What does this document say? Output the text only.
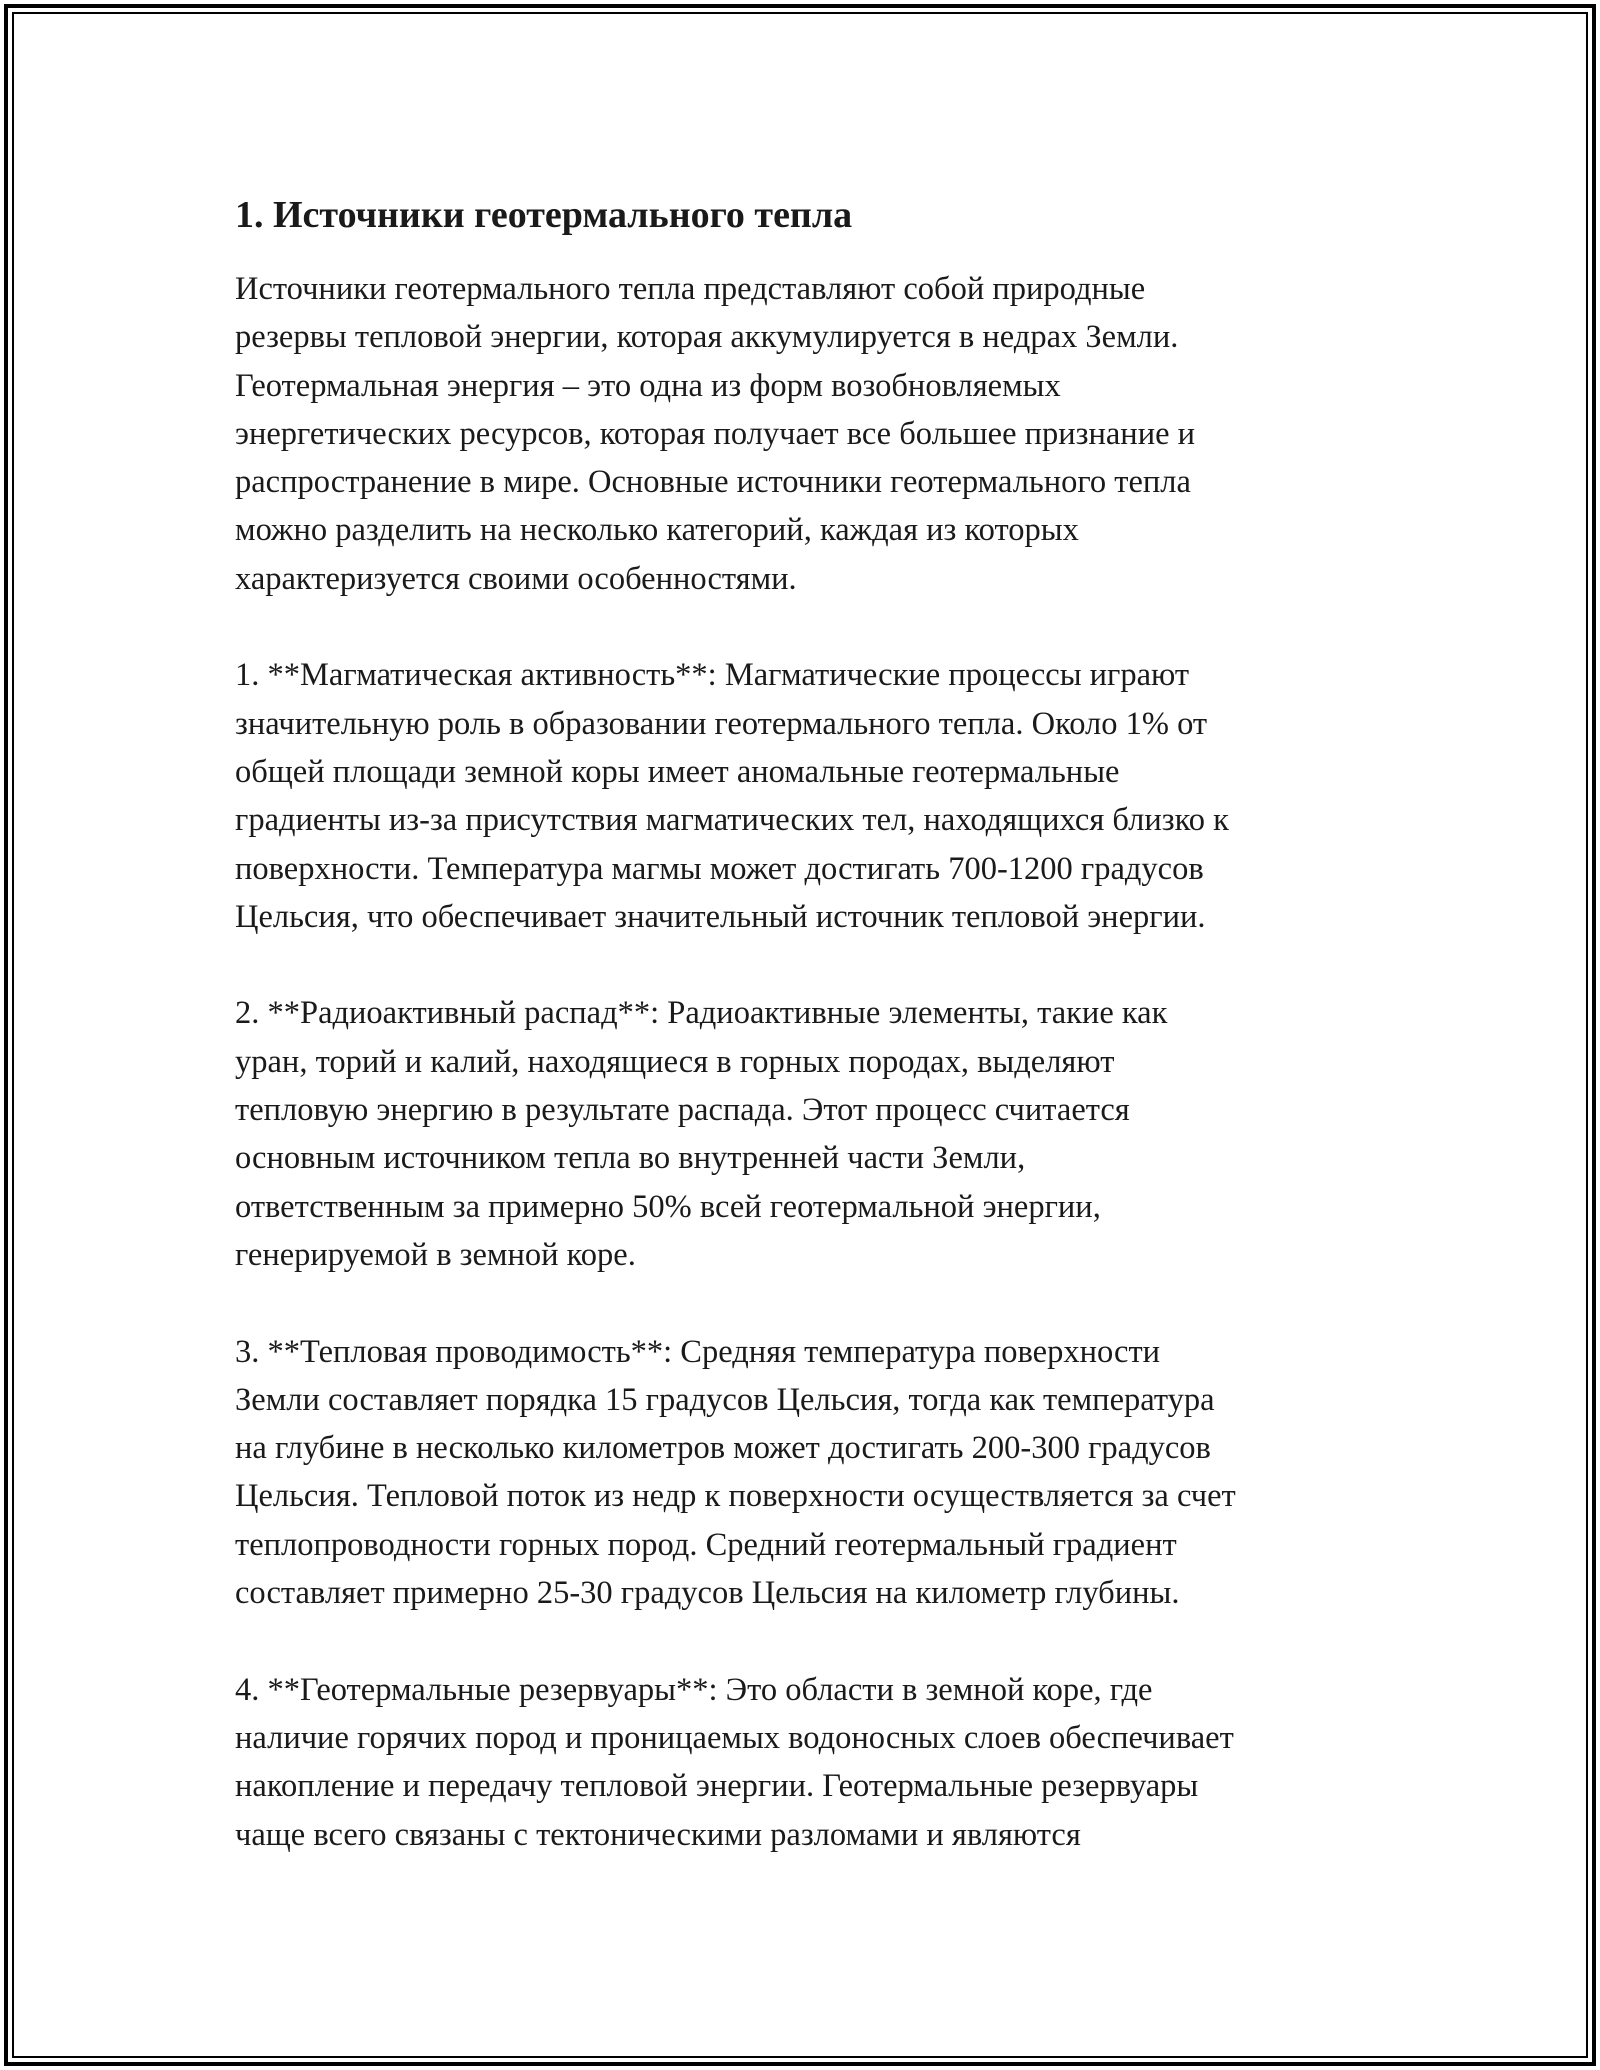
1. Источники геотермального тепла

Источники геотермального тепла представляют собой природные
резервы тепловой энергии, которая аккумулируется в недрах Земли.
Геотермальная энергия – это одна из форм возобновляемых
энергетических ресурсов, которая получает все большее признание и
распространение в мире. Основные источники геотермального тепла
можно разделить на несколько категорий, каждая из которых
характеризуется своими особенностями.

1. **Магматическая активность**: Магматические процессы играют
значительную роль в образовании геотермального тепла. Около 1% от
общей площади земной коры имеет аномальные геотермальные
градиенты из-за присутствия магматических тел, находящихся близко к
поверхности. Температура магмы может достигать 700-1200 градусов
Цельсия, что обеспечивает значительный источник тепловой энергии.

2. **Радиоактивный распад**: Радиоактивные элементы, такие как
уран, торий и калий, находящиеся в горных породах, выделяют
тепловую энергию в результате распада. Этот процесс считается
основным источником тепла во внутренней части Земли,
ответственным за примерно 50% всей геотермальной энергии,
генерируемой в земной коре.

3. **Тепловая проводимость**: Средняя температура поверхности
Земли составляет порядка 15 градусов Цельсия, тогда как температура
на глубине в несколько километров может достигать 200-300 градусов
Цельсия. Тепловой поток из недр к поверхности осуществляется за счет
теплопроводности горных пород. Средний геотермальный градиент
составляет примерно 25-30 градусов Цельсия на километр глубины.

4. **Геотермальные резервуары**: Это области в земной коре, где
наличие горячих пород и проницаемых водоносных слоев обеспечивает
накопление и передачу тепловой энергии. Геотермальные резервуары
чаще всего связаны с тектоническими разломами и являются
